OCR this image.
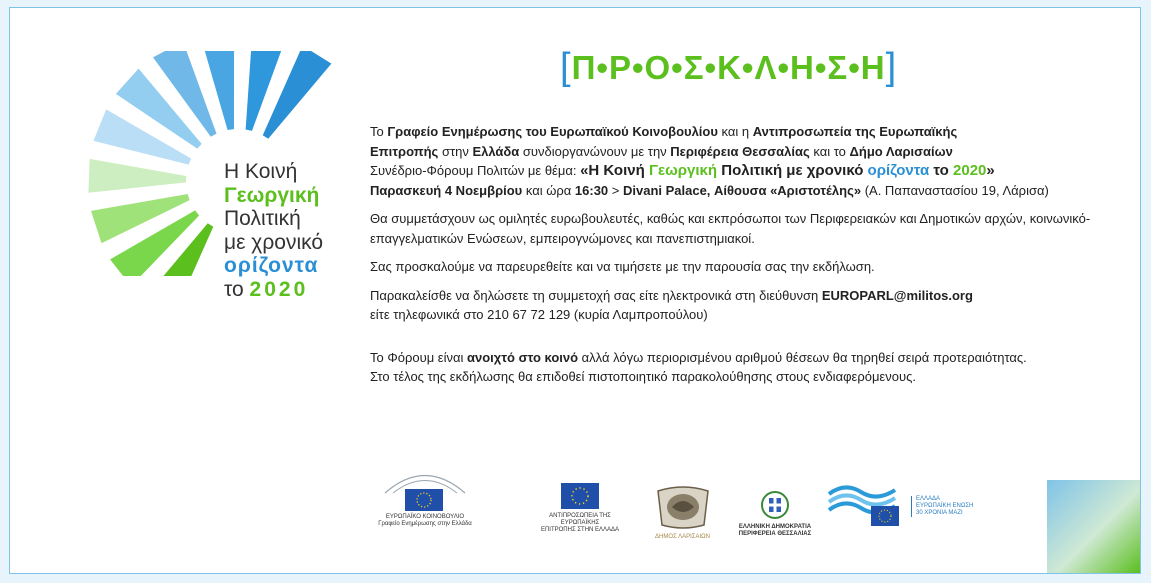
Η Κοινή
Γεωργική
Πολιτική
με χρονικό
ορίζοντα
το 2020
[Π•Ρ•Ο•Σ•Κ•Λ•Η•Σ•Η]

Το Γραφείο Ενημέρωσης του Ευρωπαϊκού Κοινοβουλίου και η Αντιπροσωπεία της Ευρωπαϊκής
Επιτροπής στην Ελλάδα συνδιοργανώνουν με την Περιφέρεια Θεσσαλίας και το Δήμο Λαρισαίων
Συνέδριο-Φόρουμ Πολιτών με θέμα: «Η Κοινή Γεωργική Πολιτική με χρονικό ορίζοντα το 2020»
Παρασκευή 4 Νοεμβρίου και ώρα 16:30 > Divani Palace, Αίθουσα «Αριστοτέλης» (Α. Παπαναστασίου 19, Λάρισα)

Θα συμμετάσχουν ως ομιλητές ευρωβουλευτές, καθώς και εκπρόσωποι των Περιφερειακών και Δημοτικών αρχών, κοινωνικό-επαγγελματικών Ενώσεων, εμπειρογνώμονες και πανεπιστημιακοί.

Σας προσκαλούμε να παρευρεθείτε και να τιμήσετε με την παρουσία σας την εκδήλωση.

Παρακαλείσθε να δηλώσετε τη συμμετοχή σας είτε ηλεκτρονικά στη διεύθυνση EUROPARL@militos.org
είτε τηλεφωνικά στο 210 67 72 129 (κυρία Λαμπροπούλου)

Το Φόρουμ είναι ανοιχτό στο κοινό αλλά λόγω περιορισμένου αριθμού θέσεων θα τηρηθεί σειρά προτεραιότητας.
Στο τέλος της εκδήλωσης θα επιδοθεί πιστοποιητικό παρακολούθησης στους ενδιαφερόμενους.

ΕΥΡΩΠΑΪΚΟ ΚΟΙΝΟΒΟΥΛΙΟ
Γραφείο Ενημέρωσης στην Ελλάδα
ΑΝΤΙΠΡΟΣΩΠΕΙΑ ΤΗΣ ΕΥΡΩΠΑΪΚΗΣ
ΕΠΙΤΡΟΠΗΣ ΣΤΗΝ ΕΛΛΑΔΑ
ΔΗΜΟΣ ΛΑΡΙΣΑΙΩΝ
ΕΛΛΗΝΙΚΗ ΔΗΜΟΚΡΑΤΙΑ
ΠΕΡΙΦΕΡΕΙΑ ΘΕΣΣΑΛΙΑΣ
ΕΛΛΑΔΑ
ΕΥΡΩΠΑΪΚΗ ΕΝΩΣΗ
30 ΧΡΟΝΙΑ ΜΑΖΙ
